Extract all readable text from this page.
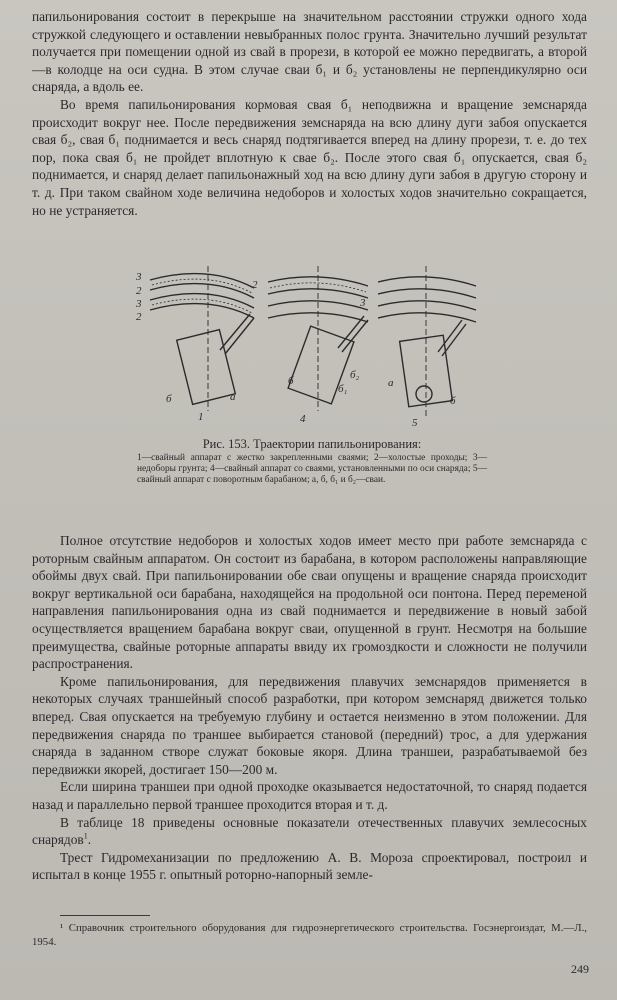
папильонирования состоит в перекрыше на значительном расстоянии стружки одного хода стружкой следующего и оставлении невыбранных полос грунта. Значительно лучший результат получается при помещении одной из свай в прорези, в которой ее можно передвигать, а второй—в колодце на оси судна. В этом случае сваи б₁ и б₂ установлены не перпендикулярно оси снаряда, а вдоль ее.

Во время папильонирования кормовая свая б₁ неподвижна и вращение земснаряда происходит вокруг нее. После передвижения земснаряда на всю длину дуги забоя опускается свая б₂, свая б₁ поднимается и весь снаряд подтягивается вперед на длину прорези, т. е. до тех пор, пока свая б₁ не пройдет вплотную к свае б₂. После этого свая б₁ опускается, свая б₂ поднимается, и снаряд делает папильонажный ход на всю длину дуги забоя в другую сторону и т. д. При таком свайном ходе величина недоборов и холостых ходов значительно сокращается, но не устраняется.

3
2
3
2
б	а
1
2
3
б₂
б₁
б
4
а
б
5
Рис. 153. Траектории папильонирования:
1—свайный аппарат с жестко закрепленными сваями; 2—холостые проходы; 3—недоборы грунта; 4—свайный аппарат со сваями, установленными по оси снаряда; 5—свайный аппарат с поворотным барабаном; а, б, б₁ и б₂—сваи.

Полное отсутствие недоборов и холостых ходов имеет место при работе земснаряда с роторным свайным аппаратом. Он состоит из барабана, в котором расположены направляющие обоймы двух свай. При папильонировании обе сваи опущены и вращение снаряда происходит вокруг вертикальной оси барабана, находящейся на продольной оси понтона. Перед переменой направления папильонирования одна из свай поднимается и передвижение в новый забой осуществляется вращением барабана вокруг сваи, опущенной в грунт. Несмотря на большие преимущества, свайные роторные аппараты ввиду их громоздкости и сложности не получили распространения.

Кроме папильонирования, для передвижения плавучих земснарядов применяется в некоторых случаях траншейный способ разработки, при котором земснаряд движется только вперед. Свая опускается на требуемую глубину и остается неизменно в этом положении. Для передвижения снаряда по траншее выбирается становой (передний) трос, а для удержания снаряда в заданном створе служат боковые якоря. Длина траншеи, разрабатываемой без передвижки якорей, достигает 150—200 м.

Если ширина траншеи при одной проходке оказывается недостаточной, то снаряд подается назад и параллельно первой траншее проходится вторая и т. д.

В таблице 18 приведены основные показатели отечественных плавучих землесосных снарядов$^1$.

Трест Гидромеханизации по предложению А. В. Мороза спроектировал, построил и испытал в конце 1955 г. опытный роторно-напорный земле-

¹ Справочник строительного оборудования для гидроэнергетического строительства. Госэнергоиздат, М.—Л., 1954.

249
